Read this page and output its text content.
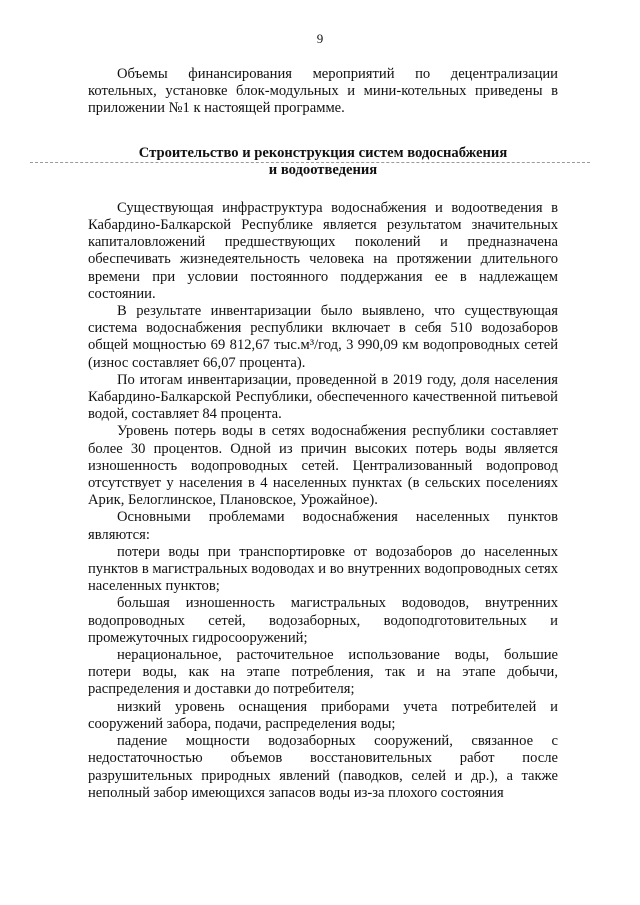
9

Объемы финансирования мероприятий по децентрализации котельных, установке блок-модульных и мини-котельных приведены в приложении №1 к настоящей программе.

Строительство и реконструкция систем водоснабжения
и водоотведения

Существующая инфраструктура водоснабжения и водоотведения в Кабардино-Балкарской Республике является результатом значительных капиталовложений предшествующих поколений и предназначена обеспечивать жизнедеятельность человека на протяжении длительного времени при условии постоянного поддержания ее в надлежащем состоянии.

В результате инвентаризации было выявлено, что существующая система водоснабжения республики включает в себя 510 водозаборов общей мощностью 69 812,67 тыс.м³/год, 3 990,09 км водопроводных сетей (износ составляет 66,07 процента).

По итогам инвентаризации, проведенной в 2019 году, доля населения Кабардино-Балкарской Республики, обеспеченного качественной питьевой водой, составляет 84 процента.

Уровень потерь воды в сетях водоснабжения республики составляет более 30 процентов. Одной из причин высоких потерь воды является изношенность водопроводных сетей. Централизованный водопровод отсутствует у населения в 4 населенных пунктах (в сельских поселениях Арик, Белоглинское, Плановское, Урожайное).

Основными проблемами водоснабжения населенных пунктов являются:

потери воды при транспортировке от водозаборов до населенных пунктов в магистральных водоводах и во внутренних водопроводных сетях населенных пунктов;

большая изношенность магистральных водоводов, внутренних водопроводных сетей, водозаборных, водоподготовительных и промежуточных гидросооружений;

нерациональное, расточительное использование воды, большие потери воды, как на этапе потребления, так и на этапе добычи, распределения и доставки до потребителя;

низкий уровень оснащения приборами учета потребителей и сооружений забора, подачи, распределения воды;

падение мощности водозаборных сооружений, связанное с недостаточностью объемов восстановительных работ после разрушительных природных явлений (паводков, селей и др.), а также неполный забор имеющихся запасов воды из-за плохого состояния
